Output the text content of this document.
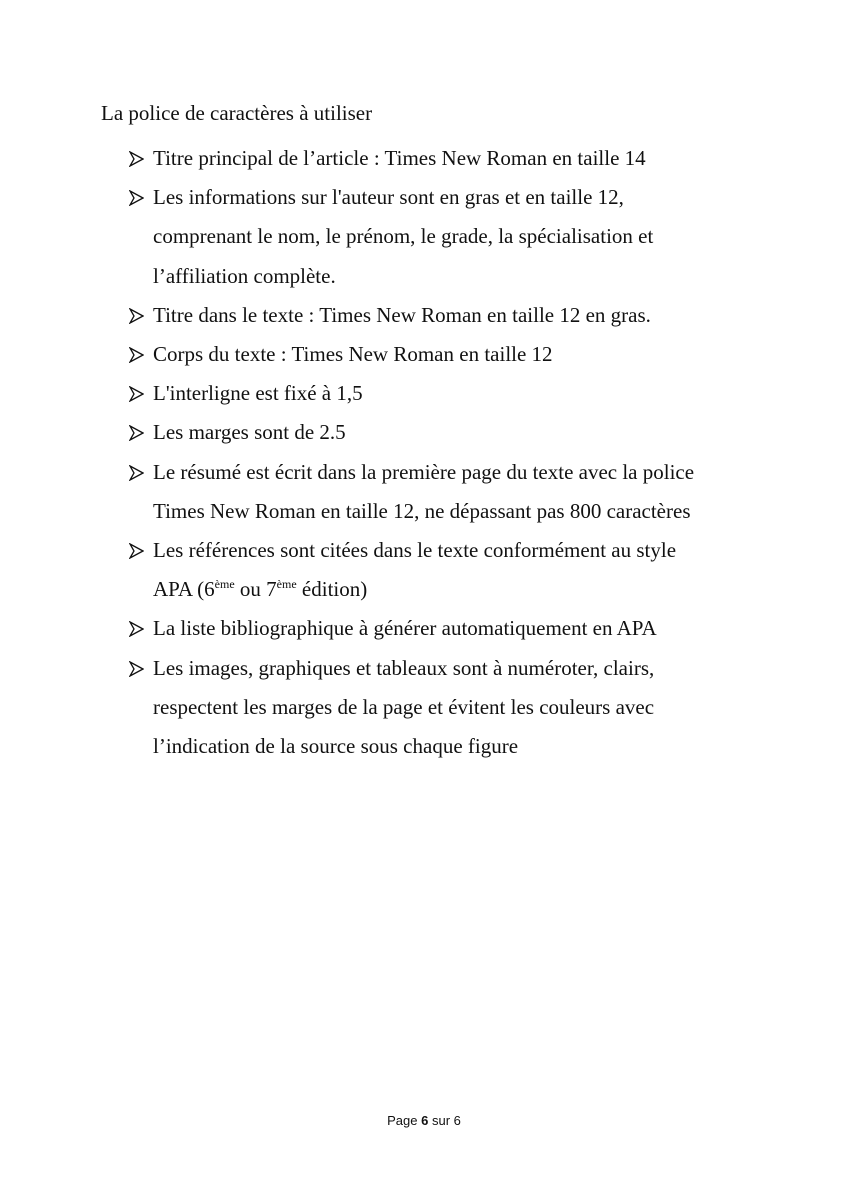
La police de caractères à utiliser
Titre principal de l’article : Times New Roman en taille 14
Les informations sur l'auteur sont en gras et en taille 12,
comprenant le nom, le prénom, le grade, la spécialisation et
l’affiliation complète.
Titre dans le texte : Times New Roman en taille 12 en gras.
Corps du texte : Times New Roman en taille 12
L'interligne est fixé à 1,5
Les marges sont de 2.5
Le résumé est écrit dans la première page du texte avec la police
Times New Roman en taille 12, ne dépassant pas 800 caractères
Les références sont citées dans le texte conformément au style
APA (6ème ou 7ème édition)
La liste bibliographique à générer automatiquement en APA
Les images, graphiques et tableaux sont à numéroter, clairs,
respectent les marges de la page et évitent les couleurs avec
l’indication de la source sous chaque figure
Page 6 sur 6
